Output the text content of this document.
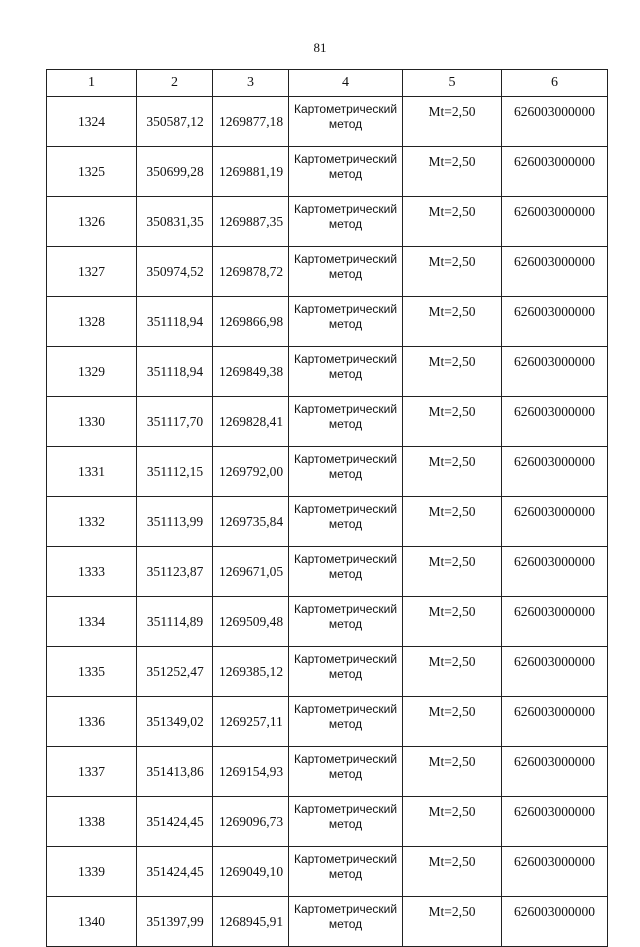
81
1	2	3	4	5	6
1324	350587,12	1269877,18	Картометрический метод	Mt=2,50	626003000000
1325	350699,28	1269881,19	Картометрический метод	Mt=2,50	626003000000
1326	350831,35	1269887,35	Картометрический метод	Mt=2,50	626003000000
1327	350974,52	1269878,72	Картометрический метод	Mt=2,50	626003000000
1328	351118,94	1269866,98	Картометрический метод	Mt=2,50	626003000000
1329	351118,94	1269849,38	Картометрический метод	Mt=2,50	626003000000
1330	351117,70	1269828,41	Картометрический метод	Mt=2,50	626003000000
1331	351112,15	1269792,00	Картометрический метод	Mt=2,50	626003000000
1332	351113,99	1269735,84	Картометрический метод	Mt=2,50	626003000000
1333	351123,87	1269671,05	Картометрический метод	Mt=2,50	626003000000
1334	351114,89	1269509,48	Картометрический метод	Mt=2,50	626003000000
1335	351252,47	1269385,12	Картометрический метод	Mt=2,50	626003000000
1336	351349,02	1269257,11	Картометрический метод	Mt=2,50	626003000000
1337	351413,86	1269154,93	Картометрический метод	Mt=2,50	626003000000
1338	351424,45	1269096,73	Картометрический метод	Mt=2,50	626003000000
1339	351424,45	1269049,10	Картометрический метод	Mt=2,50	626003000000
1340	351397,99	1268945,91	Картометрический метод	Mt=2,50	626003000000
